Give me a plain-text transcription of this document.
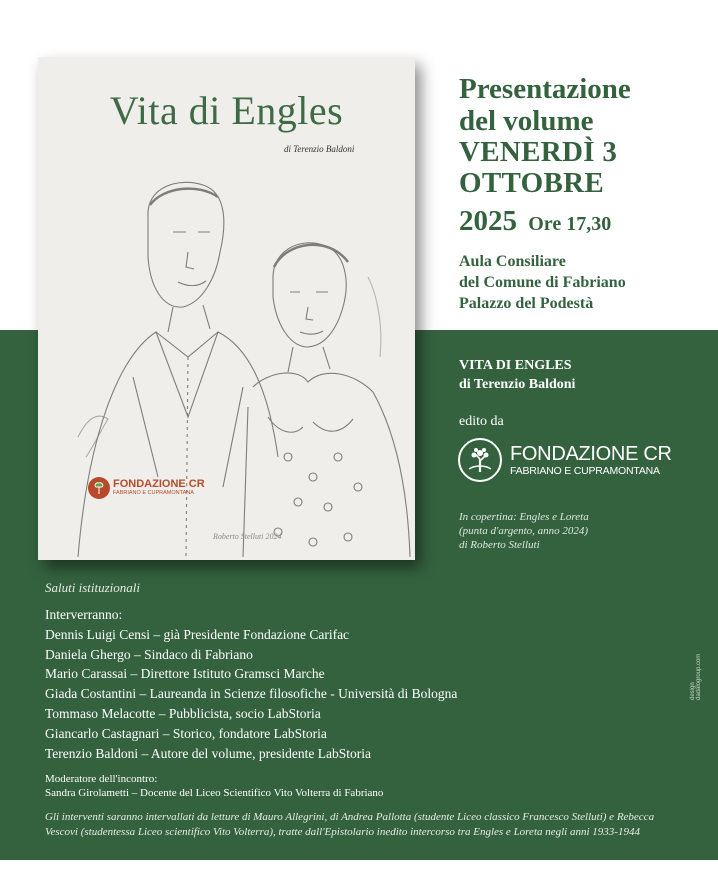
Vita di Engles
di Terenzio Baldoni
FONDAZIONE CR
FABRIANO E CUPRAMONTANA
Roberto Stelluti 2024
Presentazione
del volume
VENERDÌ 3
OTTOBRE
2025 Ore 17,30
Aula Consiliare
del Comune di Fabriano
Palazzo del Podestà
VITA DI ENGLES
di Terenzio Baldoni
edito da
FONDAZIONE CR
FABRIANO E CUPRAMONTANA
In copertina: Engles e Loreta
(punta d'argento, anno 2024)
di Roberto Stelluti
Saluti istituzionali
Interverranno:
Dennis Luigi Censi – già Presidente Fondazione Carifac
Daniela Ghergo – Sindaco di Fabriano
Mario Carassai – Direttore Istituto Gramsci Marche
Giada Costantini – Laureanda in Scienze filosofiche - Università di Bologna
Tommaso Melacotte – Pubblicista, socio LabStoria
Giancarlo Castagnari – Storico, fondatore LabStoria
Terenzio Baldoni – Autore del volume, presidente LabStoria
Moderatore dell'incontro:
Sandra Girolametti – Docente del Liceo Scientifico Vito Volterra di Fabriano
Gli interventi saranno intervallati da letture di Mauro Allegrini, di Andrea Pallotta (studente Liceo classico Francesco Stelluti) e Rebecca Vescovi (studentessa Liceo scientifico Vito Volterra), tratte dall'Epistolario inedito intercorso tra Engles e Loreta negli anni 1933-1944
design dadalogroup.com
